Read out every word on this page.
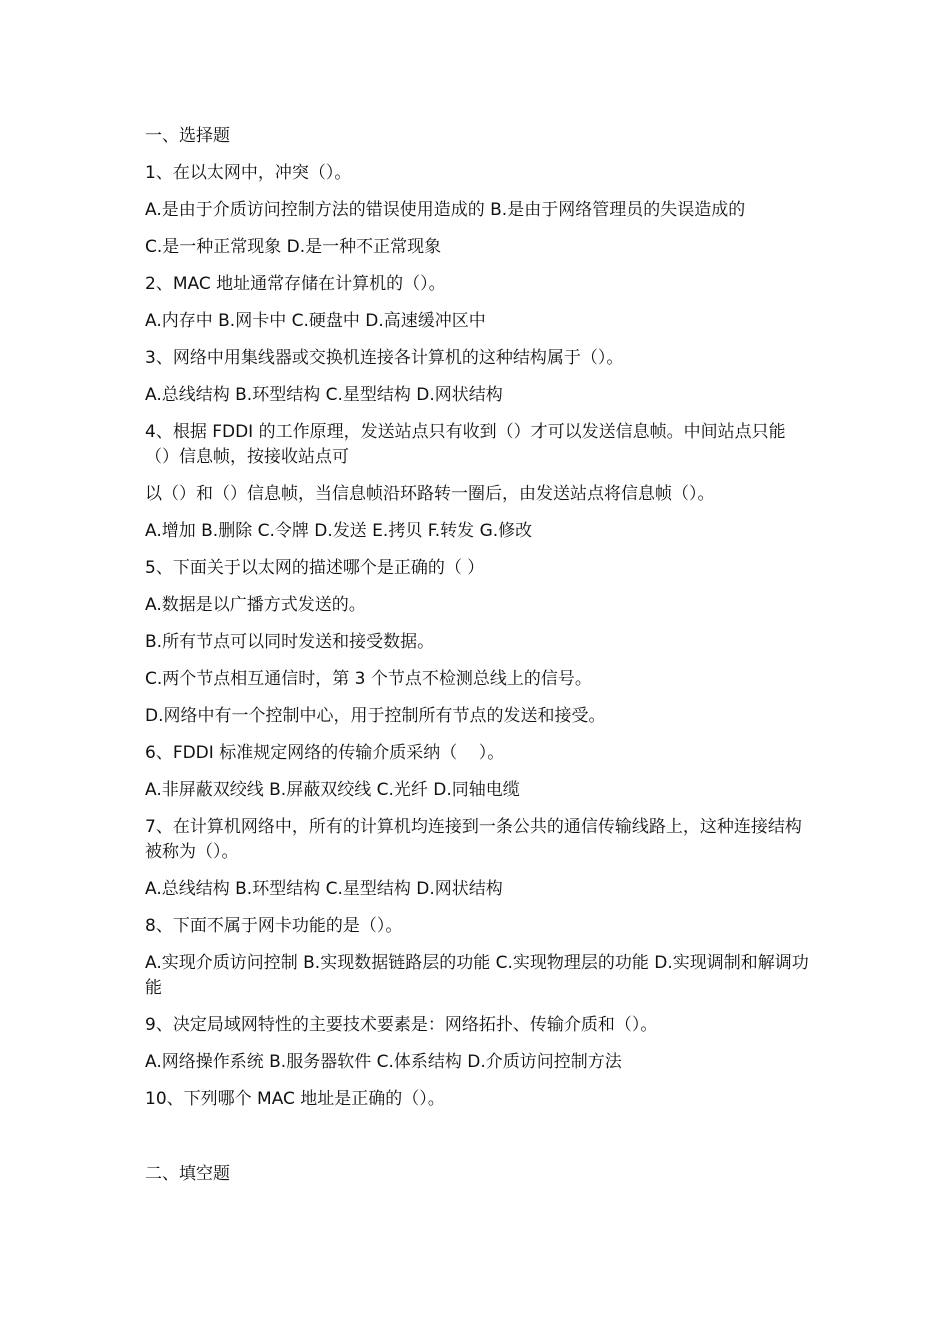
一、选择题
1、在以太网中，冲突（）。
A.是由于介质访问控制方法的错误使用造成的 B.是由于网络管理员的失误造成的
C.是一种正常现象 D.是一种不正常现象
2、MAC 地址通常存储在计算机的（）。
A.内存中 B.网卡中 C.硬盘中 D.高速缓冲区中
3、网络中用集线器或交换机连接各计算机的这种结构属于（）。
A.总线结构 B.环型结构 C.星型结构 D.网状结构
4、根据 FDDI 的工作原理，发送站点只有收到（）才可以发送信息帧。中间站点只能（）信息帧，按接收站点可
以（）和（）信息帧，当信息帧沿环路转一圈后，由发送站点将信息帧（）。
A.增加 B.删除 C.令牌 D.发送 E.拷贝 F.转发 G.修改
5、下面关于以太网的描述哪个是正确的（ ）
A.数据是以广播方式发送的。
B.所有节点可以同时发送和接受数据。
C.两个节点相互通信时，第 3 个节点不检测总线上的信号。
D.网络中有一个控制中心，用于控制所有节点的发送和接受。
6、FDDI 标准规定网络的传输介质采纳（    ）。
A.非屏蔽双绞线 B.屏蔽双绞线 C.光纤 D.同轴电缆
7、在计算机网络中，所有的计算机均连接到一条公共的通信传输线路上，这种连接结构被称为（）。
A.总线结构 B.环型结构 C.星型结构 D.网状结构
8、下面不属于网卡功能的是（）。
A.实现介质访问控制 B.实现数据链路层的功能 C.实现物理层的功能 D.实现调制和解调功能
9、决定局域网特性的主要技术要素是：网络拓扑、传输介质和（）。
A.网络操作系统 B.服务器软件 C.体系结构 D.介质访问控制方法
10、下列哪个 MAC 地址是正确的（）。
二、填空题
